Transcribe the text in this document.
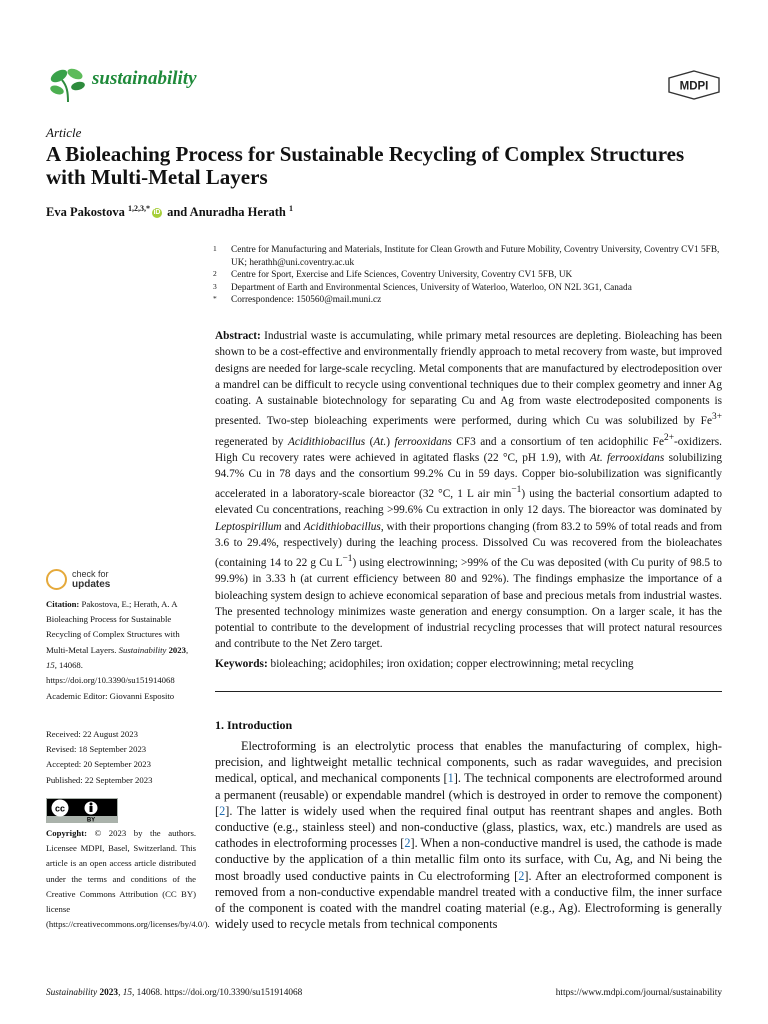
sustainability	MDPI
Article
A Bioleaching Process for Sustainable Recycling of Complex Structures with Multi-Metal Layers
Eva Pakostova $^{1,2,3,*}$ iD and Anuradha Herath $^1$
1	Centre for Manufacturing and Materials, Institute for Clean Growth and Future Mobility, Coventry University, Coventry CV1 5FB, UK; herathh@uni.coventry.ac.uk
2	Centre for Sport, Exercise and Life Sciences, Coventry University, Coventry CV1 5FB, UK
3	Department of Earth and Environmental Sciences, University of Waterloo, Waterloo, ON N2L 3G1, Canada
*	Correspondence: 150560@mail.muni.cz
Abstract: Industrial waste is accumulating, while primary metal resources are depleting. Bioleaching has been shown to be a cost-effective and environmentally friendly approach to metal recovery from waste, but improved designs are needed for large-scale recycling. Metal components that are manufactured by electrodeposition over a mandrel can be difficult to recycle using conventional techniques due to their complex geometry and inner Ag coating. A sustainable biotechnology for separating Cu and Ag from waste electrodeposited components is presented. Two-step bioleaching experiments were performed, during which Cu was solubilized by $Fe^{3+}$ regenerated by Acidithiobacillus (At.) ferrooxidans CF3 and a consortium of ten acidophilic $Fe^{2+}$-oxidizers. High Cu recovery rates were achieved in agitated flasks (22 °C, pH 1.9), with At. ferrooxidans solubilizing 94.7% Cu in 78 days and the consortium 99.2% Cu in 59 days. Copper bio-solubilization was significantly accelerated in a laboratory-scale bioreactor (32 °C, 1 L air $\min^{-1}$) using the bacterial consortium adapted to elevated Cu concentrations, reaching >99.6% Cu extraction in only 12 days. The bioreactor was dominated by Leptospirillum and Acidithiobacillus, with their proportions changing (from 83.2 to 59% of total reads and from 3.6 to 29.4%, respectively) during the leaching process. Dissolved Cu was recovered from the bioleachates (containing 14 to 22 g Cu $L^{-1}$) using electrowinning; >99% of the Cu was deposited (with Cu purity of 98.5 to 99.9%) in 3.33 h (at current efficiency between 80 and 92%). The findings emphasize the importance of a bioleaching system design to achieve economical separation of base and precious metals from industrial wastes. The presented technology minimizes waste generation and energy consumption. On a larger scale, it has the potential to contribute to the development of industrial recycling processes that will protect natural resources and contribute to the Net Zero target.
Keywords: bioleaching; acidophiles; iron oxidation; copper electrowinning; metal recycling
check for
updates
Citation: Pakostova, E.; Herath, A. A Bioleaching Process for Sustainable Recycling of Complex Structures with Multi-Metal Layers. Sustainability 2023, 15, 14068. https://doi.org/10.3390/su151914068
Academic Editor: Giovanni Esposito
Received: 22 August 2023
Revised: 18 September 2023
Accepted: 20 September 2023
Published: 22 September 2023
cc
BY
Copyright: © 2023 by the authors. Licensee MDPI, Basel, Switzerland. This article is an open access article distributed under the terms and conditions of the Creative Commons Attribution (CC BY) license (https://creativecommons.org/licenses/by/4.0/).
1. Introduction
Electroforming is an electrolytic process that enables the manufacturing of complex, high-precision, and lightweight metallic technical components, such as radar waveguides, and precision medical, optical, and mechanical components [1]. The technical components are electroformed around a permanent (reusable) or expendable mandrel (which is destroyed in order to remove the component) [2]. The latter is widely used when the required final output has reentrant shapes and angles. Both conductive (e.g., stainless steel) and non-conductive (glass, plastics, wax, etc.) mandrels are used as cathodes in electroforming processes [2]. When a non-conductive mandrel is used, the cathode is made conductive by the application of a thin metallic film onto its surface, with Cu, Ag, and Ni being the most broadly used conductive paints in Cu electroforming [2]. After an electroformed component is removed from a non-conductive expendable mandrel treated with a conductive film, the inner surface of the component is coated with the mandrel coating material (e.g., Ag). Electroforming is generally widely used to recycle metals from technical components
Sustainability 2023, 15, 14068. https://doi.org/10.3390/su151914068	https://www.mdpi.com/journal/sustainability
